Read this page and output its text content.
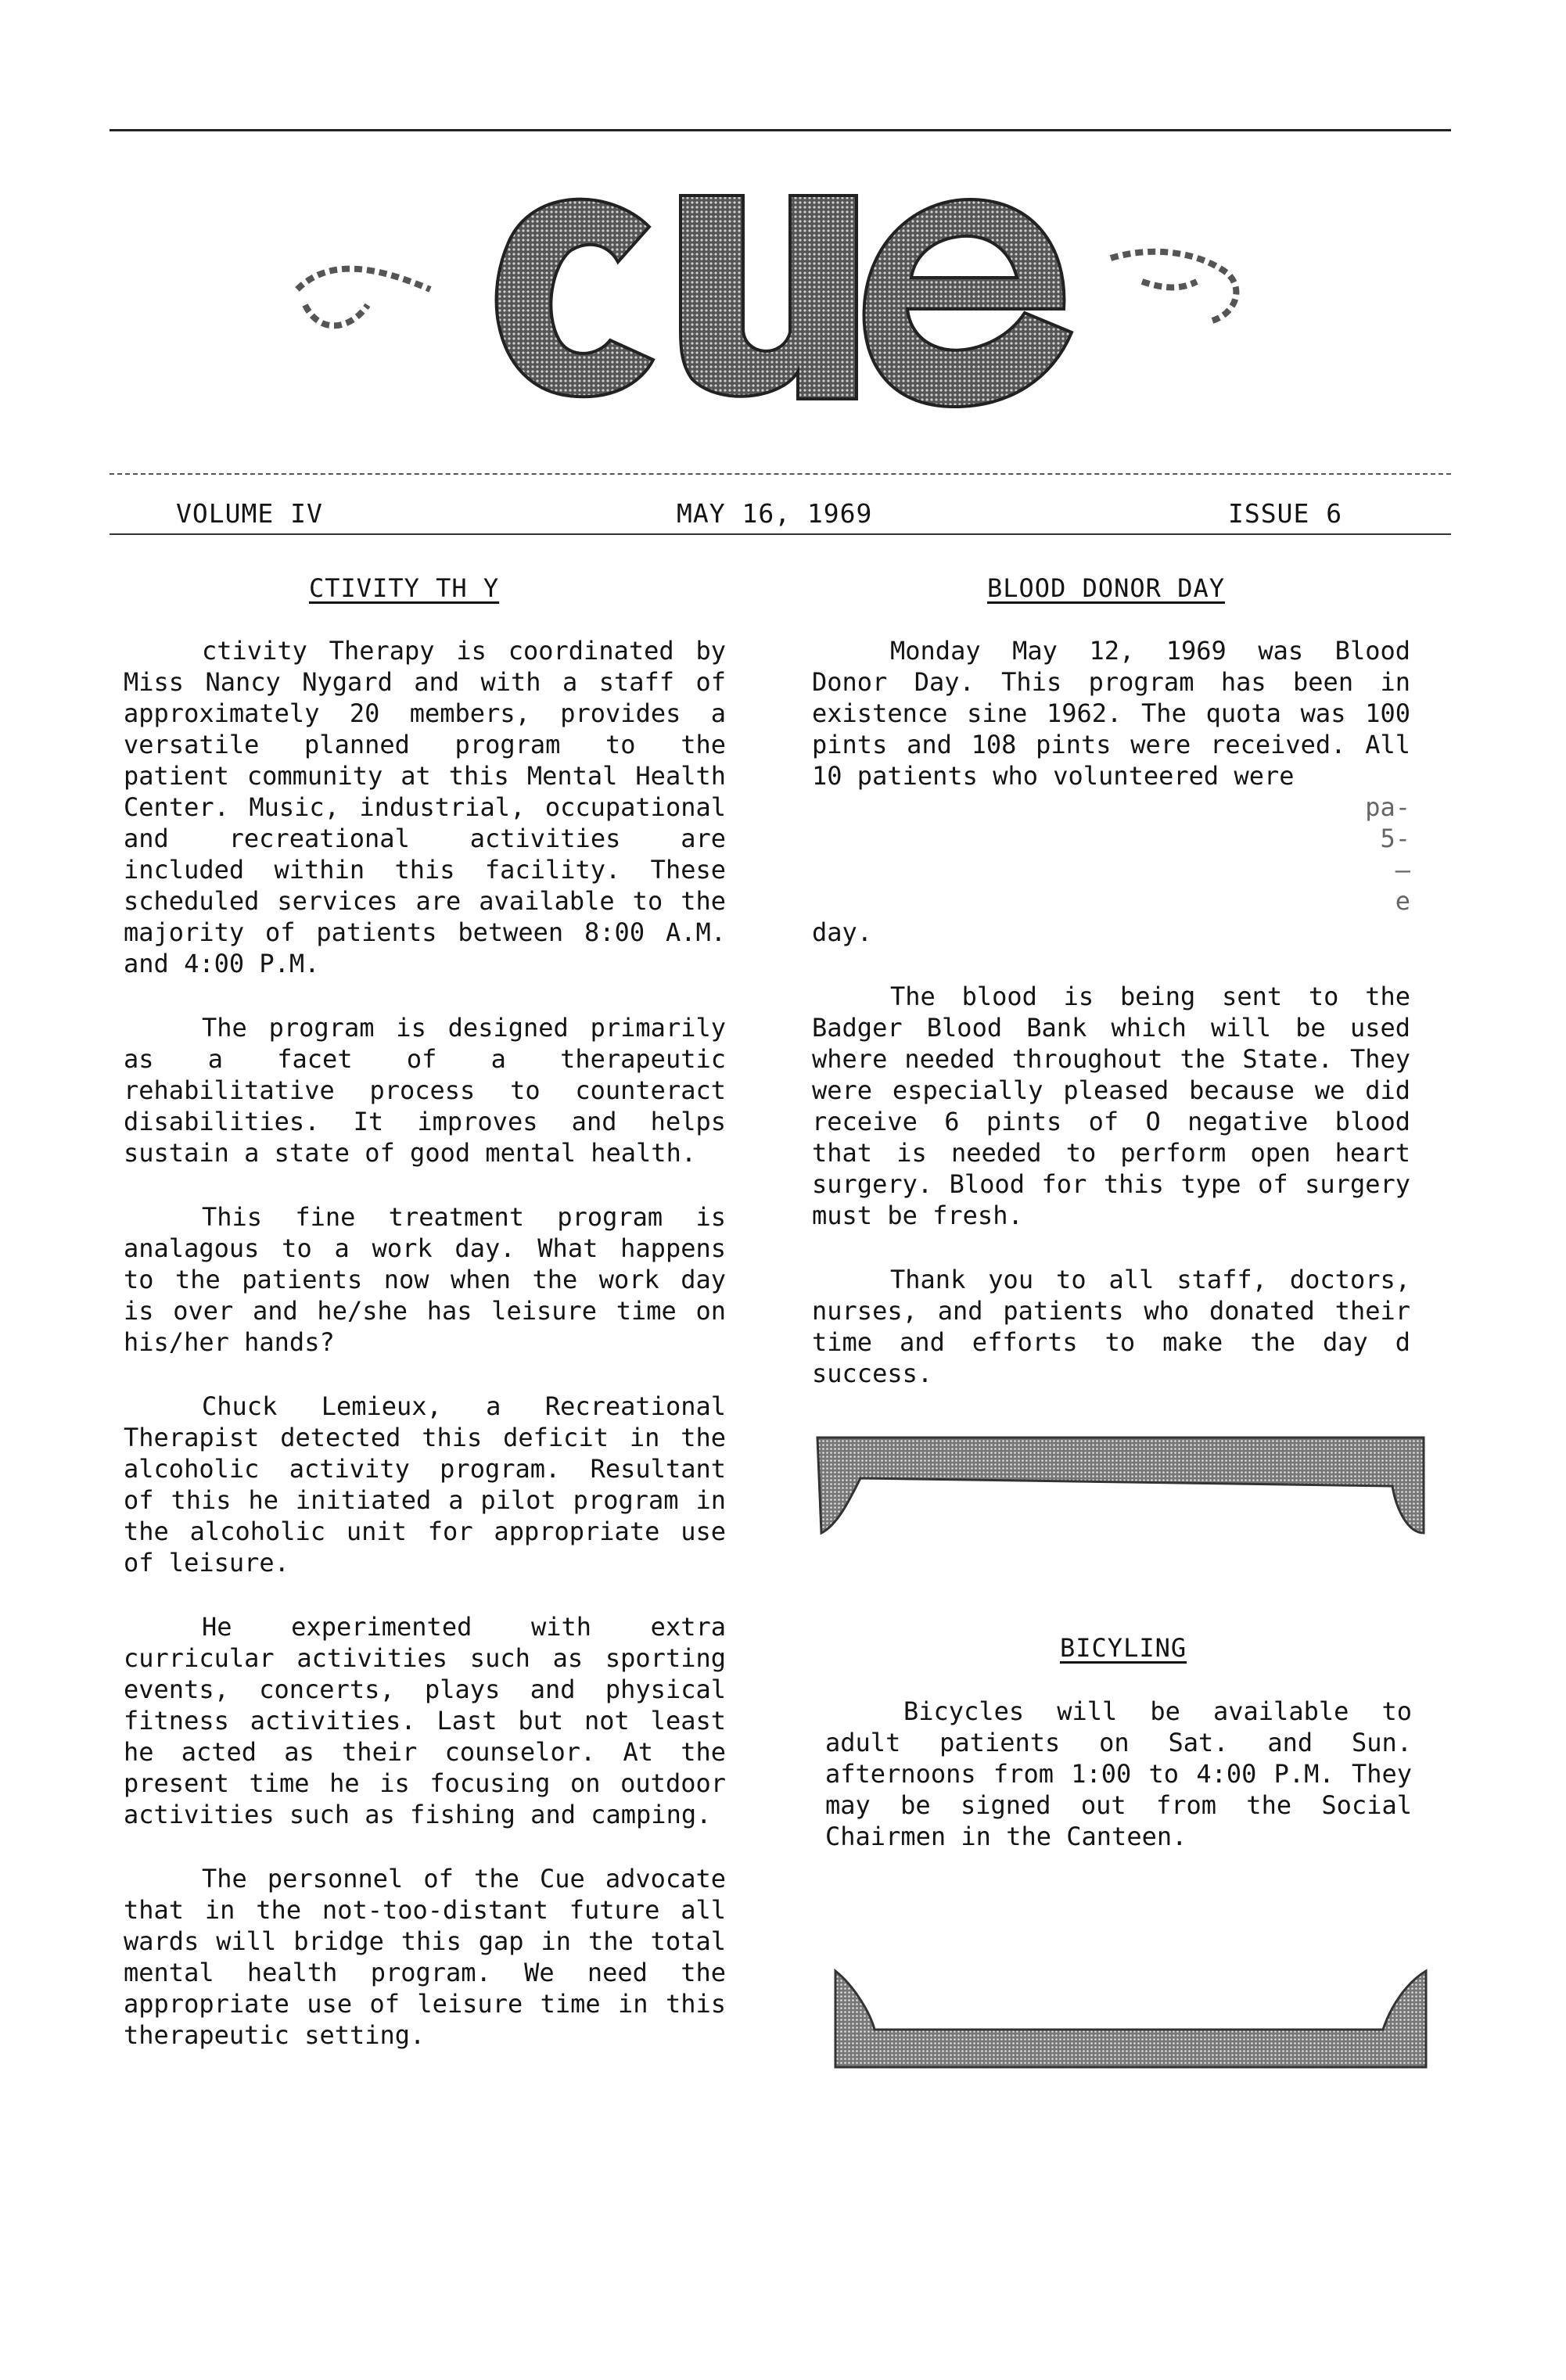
VOLUME IV	MAY 16, 1969	ISSUE 6
CTIVITY TH Y

ctivity Therapy is coordinated by Miss Nancy Nygard and with a staff of approximately 20 members, provides a versatile planned program to the patient community at this Mental Health Center. Music, industrial, occupational and recreational activities are included within this facility. These scheduled services are available to the majority of patients between 8:00 A.M. and 4:00 P.M.

The program is designed primarily as a facet of a therapeutic rehabilitative process to counteract disabilities. It improves and helps sustain a state of good mental health.

This fine treatment program is analagous to a work day. What happens to the patients now when the work day is over and he/she has leisure time on his/her hands?

Chuck Lemieux, a Recreational Therapist detected this deficit in the alcoholic activity program. Resultant of this he initiated a pilot program in the alcoholic unit for appropriate use of leisure.

He experimented with extra curricular activities such as sporting events, concerts, plays and physical fitness activities. Last but not least he acted as their counselor. At the present time he is focusing on outdoor activities such as fishing and camping.

The personnel of the Cue advocate that in the not-too-distant future all wards will bridge this gap in the total mental health program. We need the appropriate use of leisure time in this therapeutic setting.

BLOOD DONOR DAY

Monday May 12, 1969 was Blood Donor Day. This program has been in existence sine 1962. The quota was 100 pints and 108 pints were received. All 10 patients who volunteered were

pa-
5-
—
e

day.

The blood is being sent to the Badger Blood Bank which will be used where needed throughout the State. They were especially pleased because we did receive 6 pints of O negative blood that is needed to perform open heart surgery. Blood for this type of surgery must be fresh.

Thank you to all staff, doctors, nurses, and patients who donated their time and efforts to make the day d success.

BICYLING

Bicycles will be available to adult patients on Sat. and Sun. afternoons from 1:00 to 4:00 P.M. They may be signed out from the Social Chairmen in the Canteen.
